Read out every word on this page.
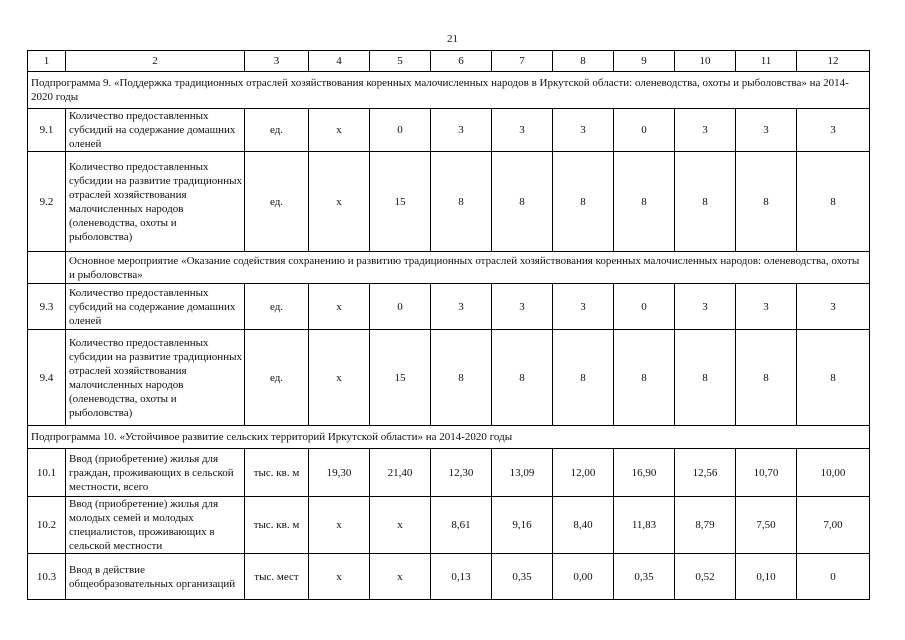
21
1	2	3	4	5	6	7	8	9	10	11	12
Подпрограмма 9. «Поддержка традиционных отраслей хозяйствования коренных малочисленных народов в Иркутской области: оленеводства, охоты и рыболовства» на 2014-2020 годы											
9.1	Количество предоставленных субсидий на содержание домашних оленей	ед.	x	0	3	3	3	0	3	3	3
9.2	Количество предоставленных субсидии на развитие традиционных отраслей хозяйствования малочисленных народов (оленеводства, охоты и рыболовства)	ед.	x	15	8	8	8	8	8	8	8
	Основное мероприятие «Оказание содействия сохранению и развитию традиционных отраслей хозяйствования коренных малочисленных народов: оленеводства, охоты и рыболовства»										
9.3	Количество предоставленных субсидий на содержание домашних оленей	ед.	x	0	3	3	3	0	3	3	3
9.4	Количество предоставленных субсидии на развитие традиционных отраслей хозяйствования малочисленных народов (оленеводства, охоты и рыболовства)	ед.	x	15	8	8	8	8	8	8	8
Подпрограмма 10. «Устойчивое развитие сельских территорий Иркутской области» на 2014-2020 годы											
10.1	Ввод (приобретение) жилья для граждан, проживающих в сельской местности, всего	тыс. кв. м	19,30	21,40	12,30	13,09	12,00	16,90	12,56	10,70	10,00
10.2	Ввод (приобретение) жилья для молодых семей и молодых специалистов, проживающих в сельской местности	тыс. кв. м	x	x	8,61	9,16	8,40	11,83	8,79	7,50	7,00
10.3	Ввод в действие общеобразовательных организаций	тыс. мест	x	x	0,13	0,35	0,00	0,35	0,52	0,10	0
